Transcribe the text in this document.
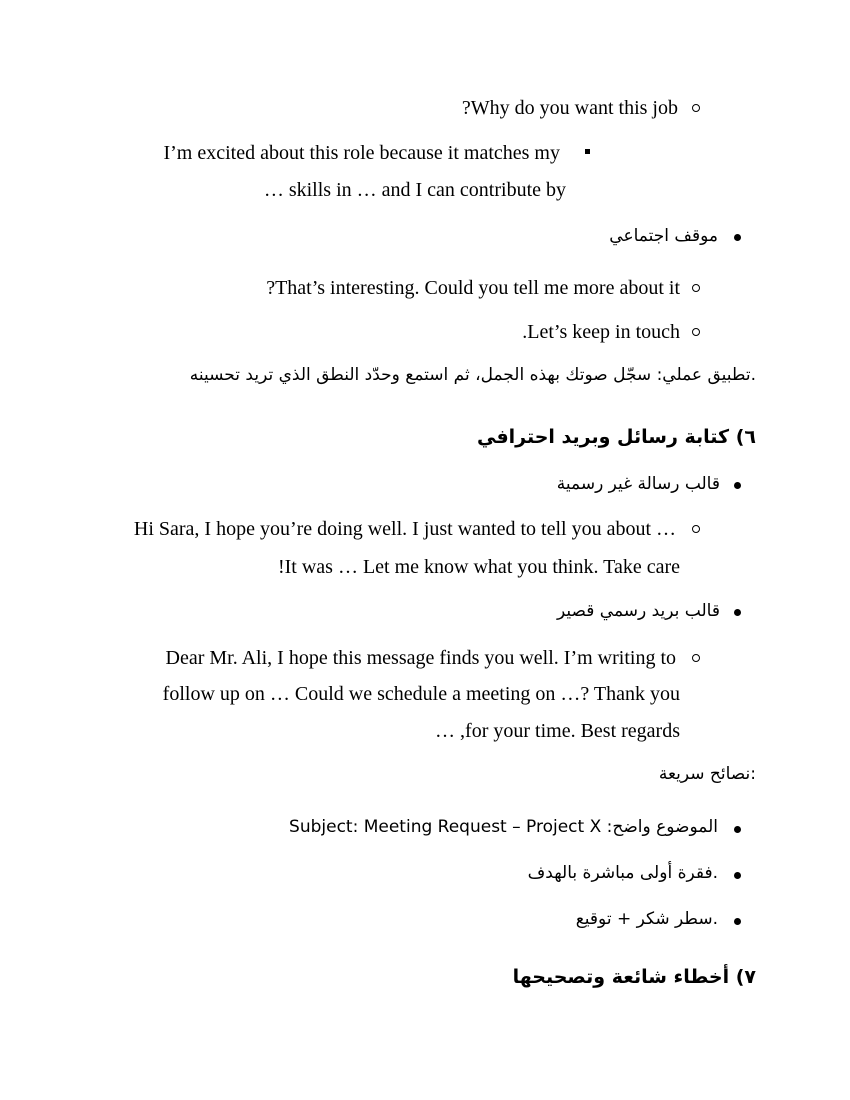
?Why do you want this job
I’m excited about this role because it matches my
… skills in … and I can contribute by
موقف اجتماعي
?That’s interesting. Could you tell me more about it
.Let’s keep in touch
تطبيق عملي: سجّل صوتك بهذه الجمل، ثم استمع وحدّد النطق الذي تريد تحسينه.
٦) كتابة رسائل وبريد احترافي
قالب رسالة غير رسمية
Hi Sara, I hope you’re doing well. I just wanted to tell you about …
!It was … Let me know what you think. Take care
قالب بريد رسمي قصير
Dear Mr. Ali, I hope this message finds you well. I’m writing to
follow up on … Could we schedule a meeting on …? Thank you
… ,for your time. Best regards
نصائح سريعة:
الموضوع واضح: Subject: Meeting Request – Project X
فقرة أولى مباشرة بالهدف.
سطر شكر + توقيع.
٧) أخطاء شائعة وتصحيحها
